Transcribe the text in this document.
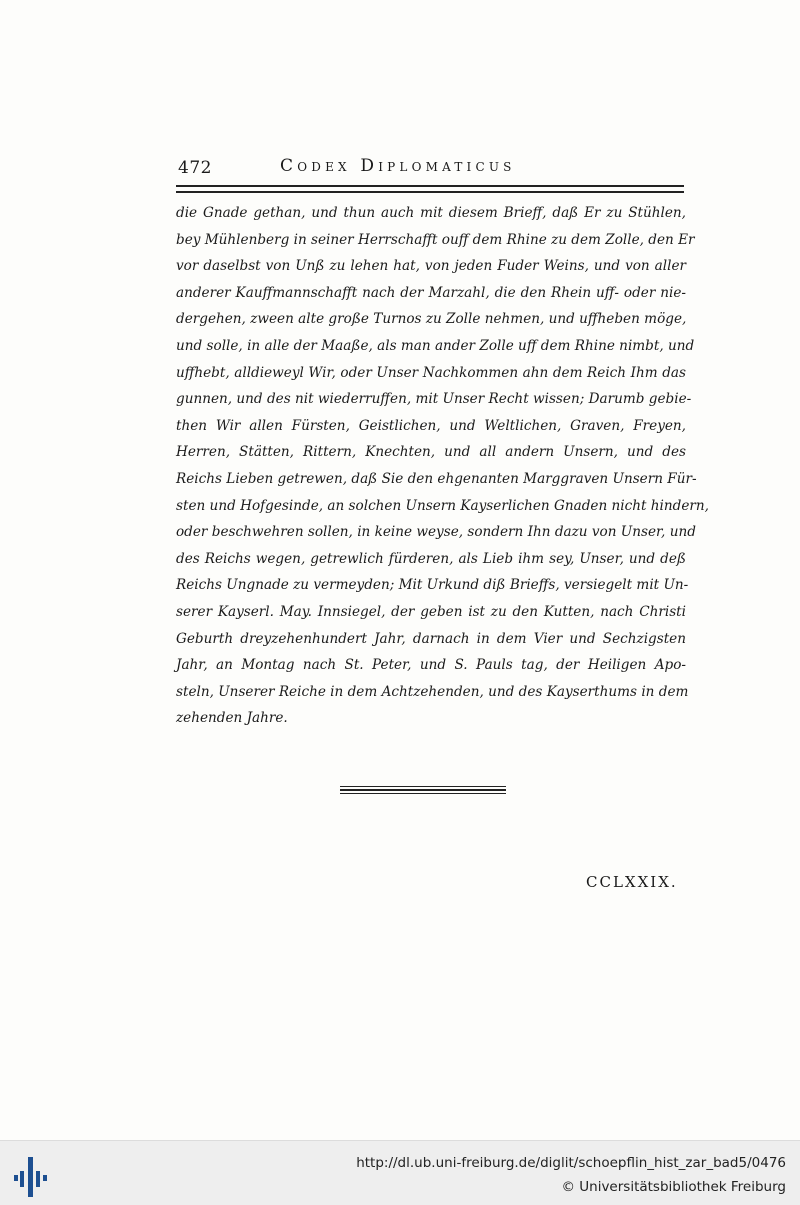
472	Codex Diplomaticus
die Gnade gethan, und thun auch mit diesem Brieff, daß Er zu Stühlen,
bey Mühlenberg in seiner Herrschafft ouff dem Rhine zu dem Zolle, den Er
vor daselbst von Unß zu lehen hat, von jeden Fuder Weins, und von aller
anderer Kauffmannschafft nach der Marzahl, die den Rhein uff- oder nie-
dergehen, zween alte große Turnos zu Zolle nehmen, und uffheben möge,
und solle, in alle der Maaße, als man ander Zolle uff dem Rhine nimbt, und
uffhebt, alldieweyl Wir, oder Unser Nachkommen ahn dem Reich Ihm das
gunnen, und des nit wiederruffen, mit Unser Recht wissen; Darumb gebie-
then Wir allen Fürsten, Geistlichen, und Weltlichen, Graven, Freyen,
Herren, Stätten, Rittern, Knechten, und all andern Unsern, und des
Reichs Lieben getrewen, daß Sie den ehgenanten Marggraven Unsern Für-
sten und Hofgesinde, an solchen Unsern Kayserlichen Gnaden nicht hindern,
oder beschwehren sollen, in keine weyse, sondern Ihn dazu von Unser, und
des Reichs wegen, getrewlich fürderen, als Lieb ihm sey, Unser, und deß
Reichs Ungnade zu vermeyden; Mit Urkund diß Brieffs, versiegelt mit Un-
serer Kayserl. May. Innsiegel, der geben ist zu den Kutten, nach Christi
Geburth dreyzehenhundert Jahr, darnach in dem Vier und Sechzigsten
Jahr, an Montag nach St. Peter, und S. Pauls tag, der Heiligen Apo-
steln, Unserer Reiche in dem Achtzehenden, und des Kayserthums in dem
zehenden Jahre.
CCLXXIX.
http://dl.ub.uni-freiburg.de/diglit/schoepflin_hist_zar_bad5/0476
© Universitätsbibliothek Freiburg
